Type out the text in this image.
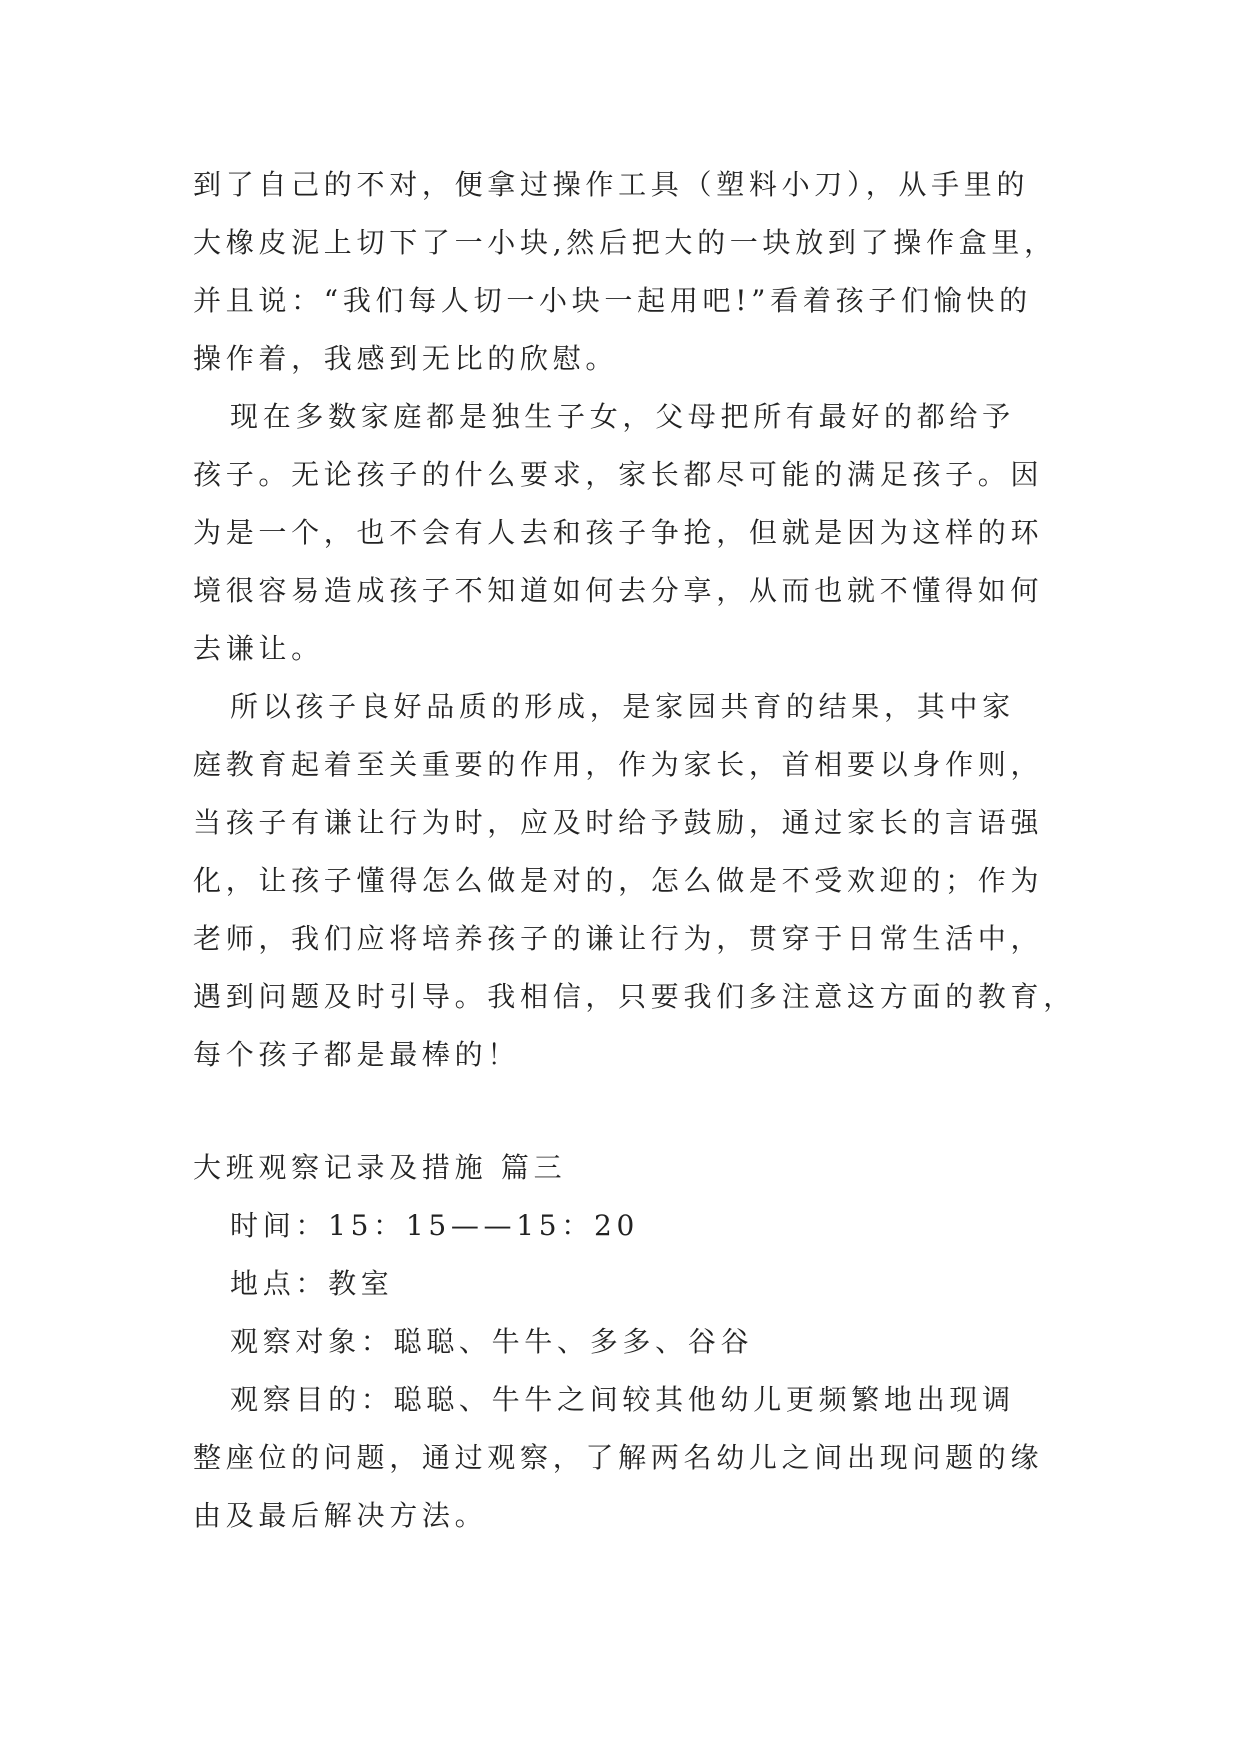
到了自己的不对，便拿过操作工具（塑料小刀），从手里的
大橡皮泥上切下了一小块,然后把大的一块放到了操作盒里，
并且说：“我们每人切一小块一起用吧!”看着孩子们愉快的
操作着，我感到无比的欣慰。
现在多数家庭都是独生子女，父母把所有最好的都给予
孩子。无论孩子的什么要求，家长都尽可能的满足孩子。因
为是一个，也不会有人去和孩子争抢，但就是因为这样的环
境很容易造成孩子不知道如何去分享，从而也就不懂得如何
去谦让。
所以孩子良好品质的形成，是家园共育的结果，其中家
庭教育起着至关重要的作用，作为家长，首相要以身作则，
当孩子有谦让行为时，应及时给予鼓励，通过家长的言语强
化，让孩子懂得怎么做是对的，怎么做是不受欢迎的；作为
老师，我们应将培养孩子的谦让行为，贯穿于日常生活中，
遇到问题及时引导。我相信，只要我们多注意这方面的教育，
每个孩子都是最棒的！
大班观察记录及措施 篇三
时间：15：15——15：20
地点：教室
观察对象：聪聪、牛牛、多多、谷谷
观察目的：聪聪、牛牛之间较其他幼儿更频繁地出现调
整座位的问题，通过观察，了解两名幼儿之间出现问题的缘
由及最后解决方法。
